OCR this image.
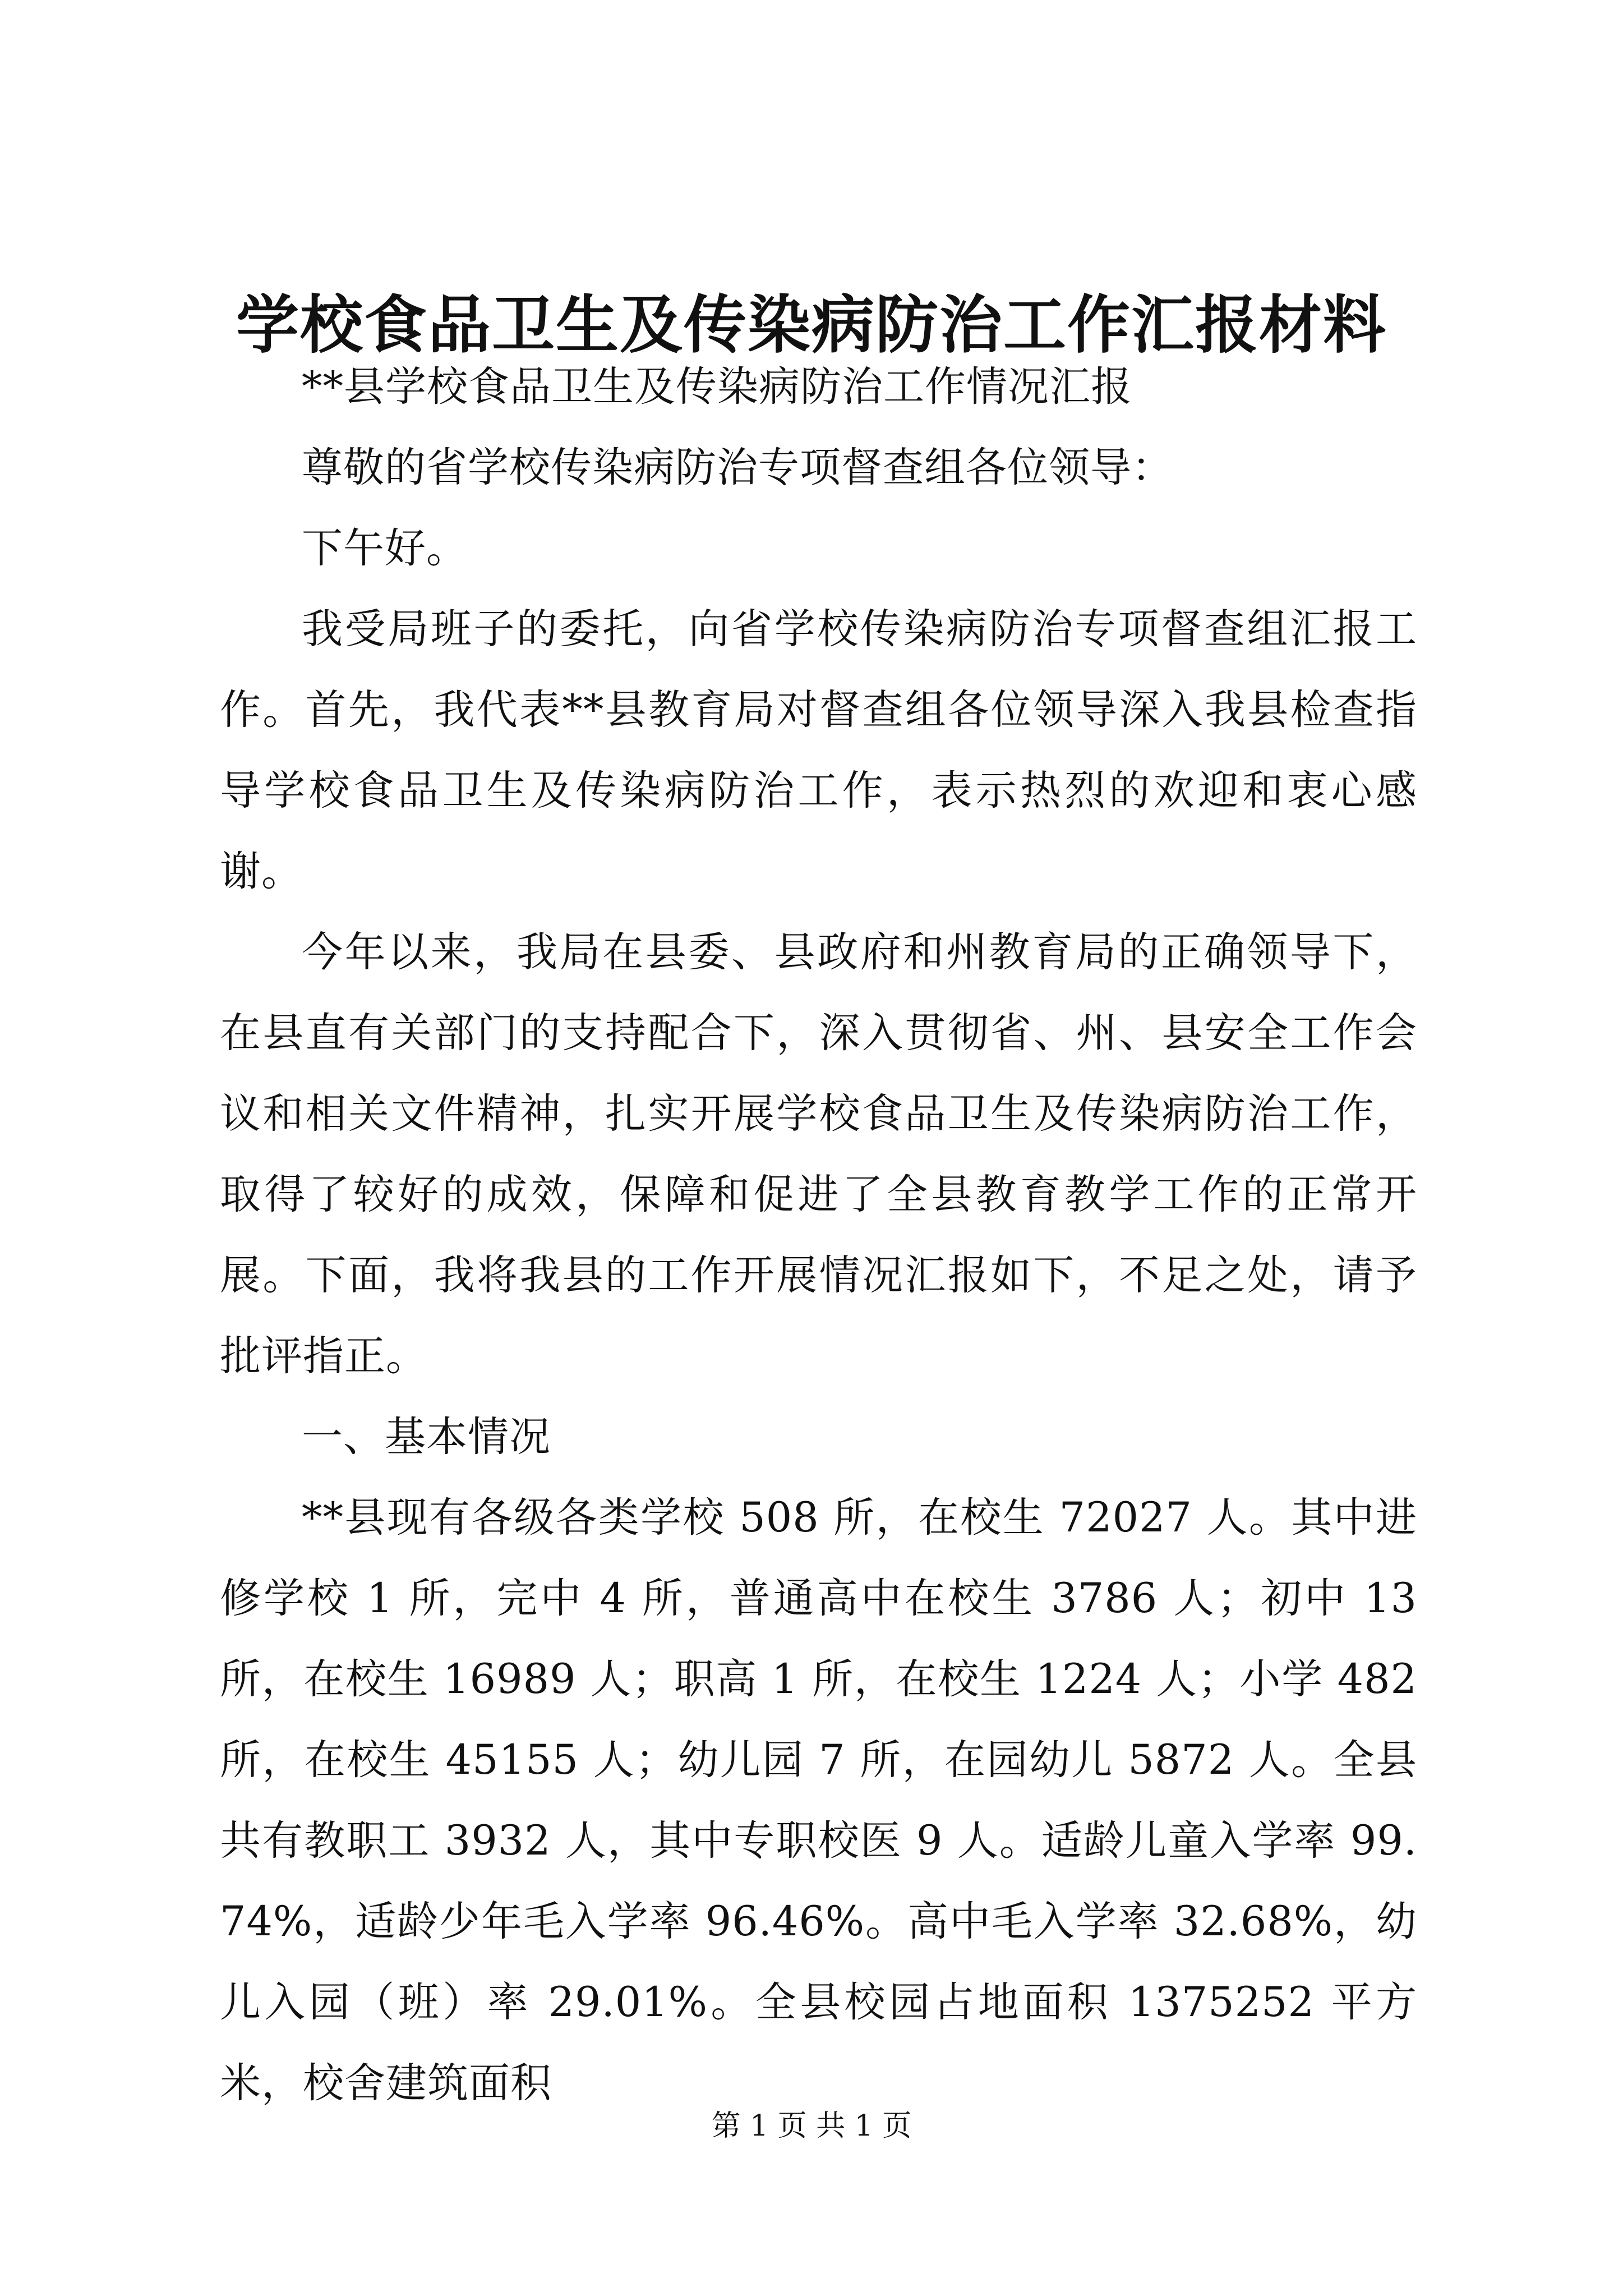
学校食品卫生及传染病防治工作汇报材料

**县学校食品卫生及传染病防治工作情况汇报

尊敬的省学校传染病防治专项督查组各位领导：

下午好。

我受局班子的委托，向省学校传染病防治专项督查组汇报工作。首先，我代表**县教育局对督查组各位领导深入我县检查指导学校食品卫生及传染病防治工作，表示热烈的欢迎和衷心感谢。

今年以来，我局在县委、县政府和州教育局的正确领导下，在县直有关部门的支持配合下，深入贯彻省、州、县安全工作会议和相关文件精神，扎实开展学校食品卫生及传染病防治工作，取得了较好的成效，保障和促进了全县教育教学工作的正常开展。下面，我将我县的工作开展情况汇报如下，不足之处，请予批评指正。

一、基本情况

**县现有各级各类学校 508 所，在校生 72027 人。其中进修学校 1 所，完中 4 所，普通高中在校生 3786 人；初中 13 所，在校生 16989 人；职高 1 所，在校生 1224 人；小学 482 所，在校生 45155 人；幼儿园 7 所，在园幼儿 5872 人。全县共有教职工 3932 人，其中专职校医 9 人。适龄儿童入学率 99.74%，适龄少年毛入学率 96.46%。高中毛入学率 32.68%，幼儿入园（班）率 29.01%。全县校园占地面积 1375252 平方米，校舍建筑面积

第 1 页 共 1 页
